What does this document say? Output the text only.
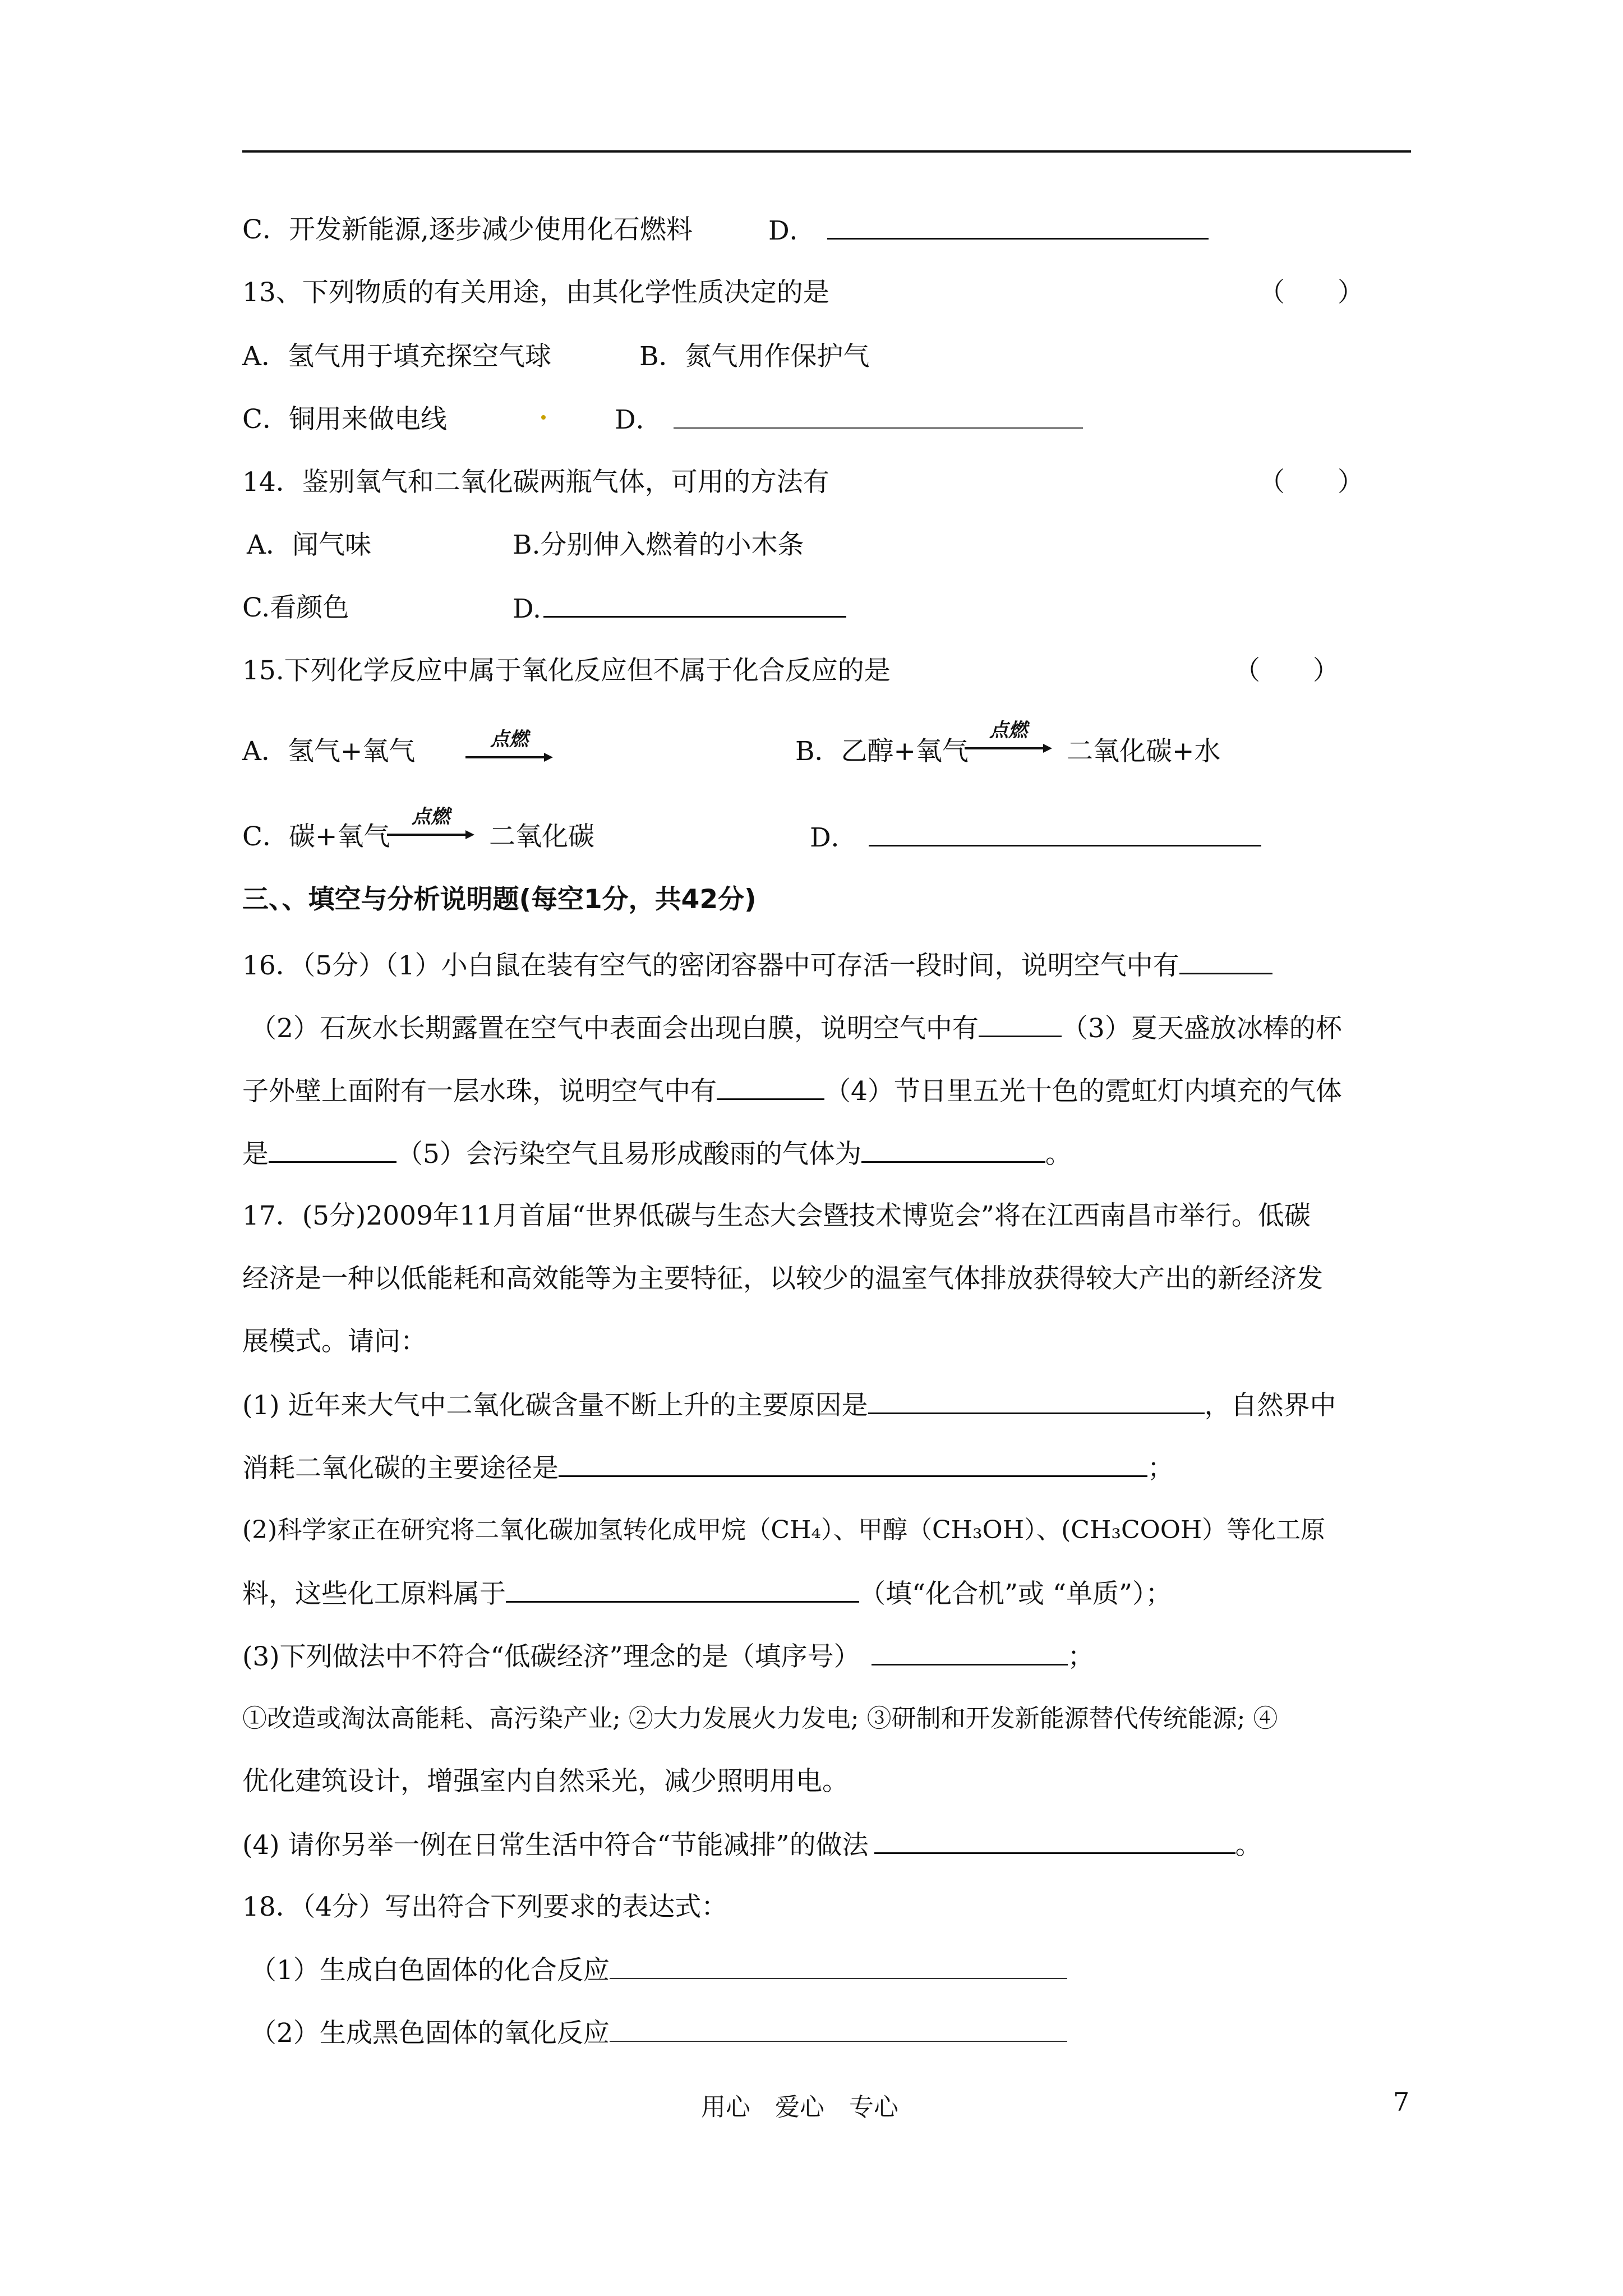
C．开发新能源,逐步减少使用化石燃料	D．
13、下列物质的有关用途，由其化学性质决定的是	（　　）
A．氢气用于填充探空气球	B．氮气用作保护气
C．铜用来做电线	D．
14．鉴别氧气和二氧化碳两瓶气体，可用的方法有	（　　）
A．闻气味	B.分别伸入燃着的小木条
C.看颜色	D.
15.下列化学反应中属于氧化反应但不属于化合反应的是	（　　）
A．氢气+氧气	点燃	B．乙醇+氧气
点燃
二氧化碳+水
C．碳+氧气
点燃
二氧化碳	D．
三、、填空与分析说明题(每空1分，共42分)
16．（5分）（1）小白鼠在装有空气的密闭容器中可存活一段时间，说明空气中有
（2）石灰水长期露置在空气中表面会出现白膜，说明空气中有	（3）夏天盛放冰棒的杯
子外壁上面附有一层水珠，说明空气中有	（4）节日里五光十色的霓虹灯内填充的气体
是	（5）会污染空气且易形成酸雨的气体为	。
17．(5分)2009年11月首届“世界低碳与生态大会暨技术博览会”将在江西南昌市举行。低碳
经济是一种以低能耗和高效能等为主要特征，以较少的温室气体排放获得较大产出的新经济发
展模式。请问：
(1) 近年来大气中二氧化碳含量不断上升的主要原因是	，自然界中
消耗二氧化碳的主要途径是	；
(2)科学家正在研究将二氧化碳加氢转化成甲烷（CH₄）、甲醇（CH₃OH）、(CH₃COOH）等化工原
料，这些化工原料属于	（填“化合机”或 “单质”）；
(3)下列做法中不符合“低碳经济”理念的是（填序号）	；
①改造或淘汰高能耗、高污染产业; ②大力发展火力发电; ③研制和开发新能源替代传统能源; ④
优化建筑设计，增强室内自然采光，减少照明用电。
(4) 请你另举一例在日常生活中符合“节能减排”的做法	。
18．（4分）写出符合下列要求的表达式：
（1）生成白色固体的化合反应
（2）生成黑色固体的氧化反应
用心　爱心　专心	7
